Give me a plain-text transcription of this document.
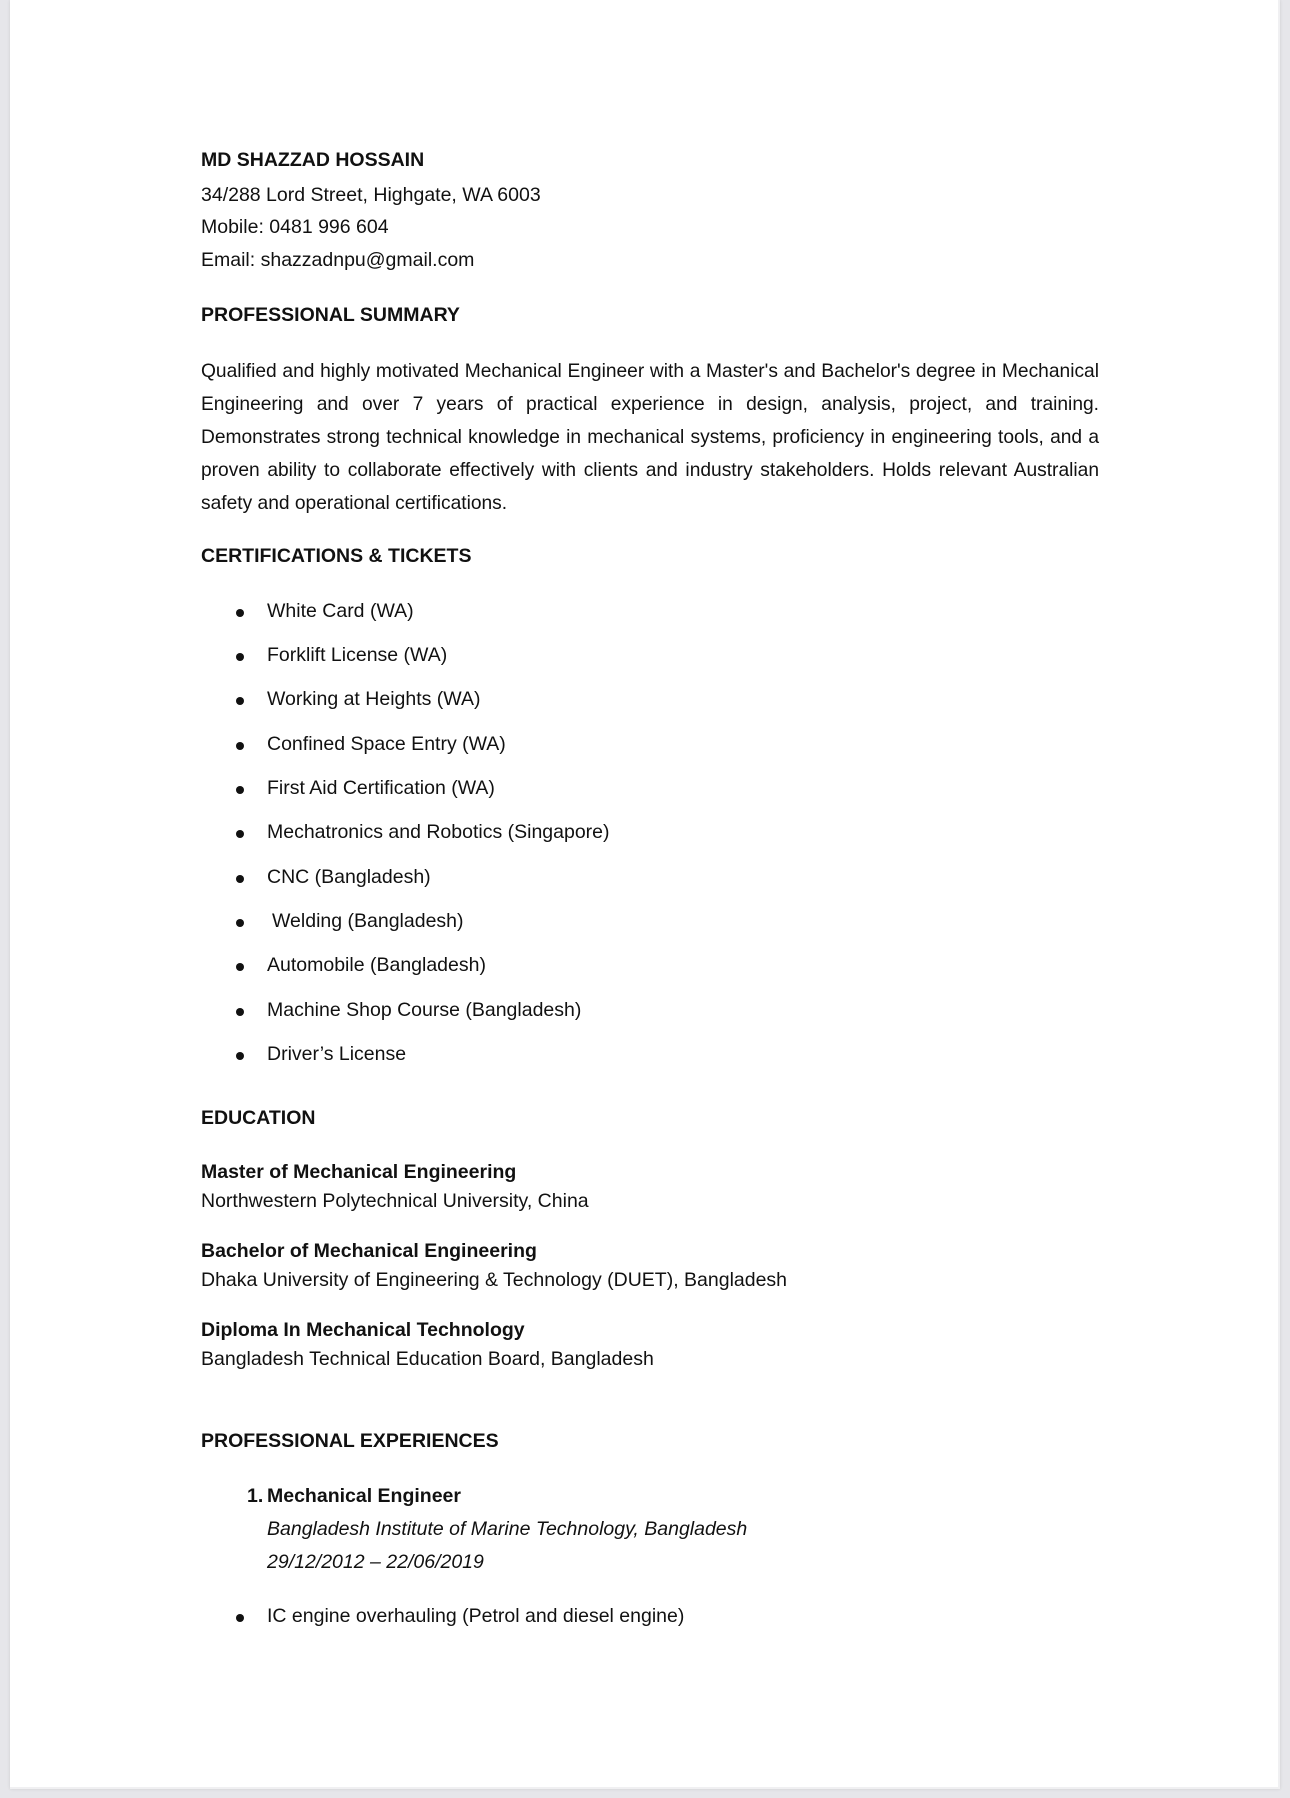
MD SHAZZAD HOSSAIN
34/288 Lord Street, Highgate, WA 6003
Mobile: 0481 996 604
Email: shazzadnpu@gmail.com
PROFESSIONAL SUMMARY
Qualified and highly motivated Mechanical Engineer with a Master's and Bachelor's degree in Mechanical Engineering and over 7 years of practical experience in design, analysis, project, and training. Demonstrates strong technical knowledge in mechanical systems, proficiency in engineering tools, and a proven ability to collaborate effectively with clients and industry stakeholders. Holds relevant Australian safety and operational certifications.
CERTIFICATIONS & TICKETS
White Card (WA)
Forklift License (WA)
Working at Heights (WA)
Confined Space Entry (WA)
First Aid Certification (WA)
Mechatronics and Robotics (Singapore)
CNC (Bangladesh)
Welding (Bangladesh)
Automobile (Bangladesh)
Machine Shop Course (Bangladesh)
Driver’s License
EDUCATION
Master of Mechanical Engineering
Northwestern Polytechnical University, China
Bachelor of Mechanical Engineering
Dhaka University of Engineering & Technology (DUET), Bangladesh
Diploma In Mechanical Technology
Bangladesh Technical Education Board, Bangladesh
PROFESSIONAL EXPERIENCES
1. Mechanical Engineer
Bangladesh Institute of Marine Technology, Bangladesh
29/12/2012 – 22/06/2019
IC engine overhauling (Petrol and diesel engine)
